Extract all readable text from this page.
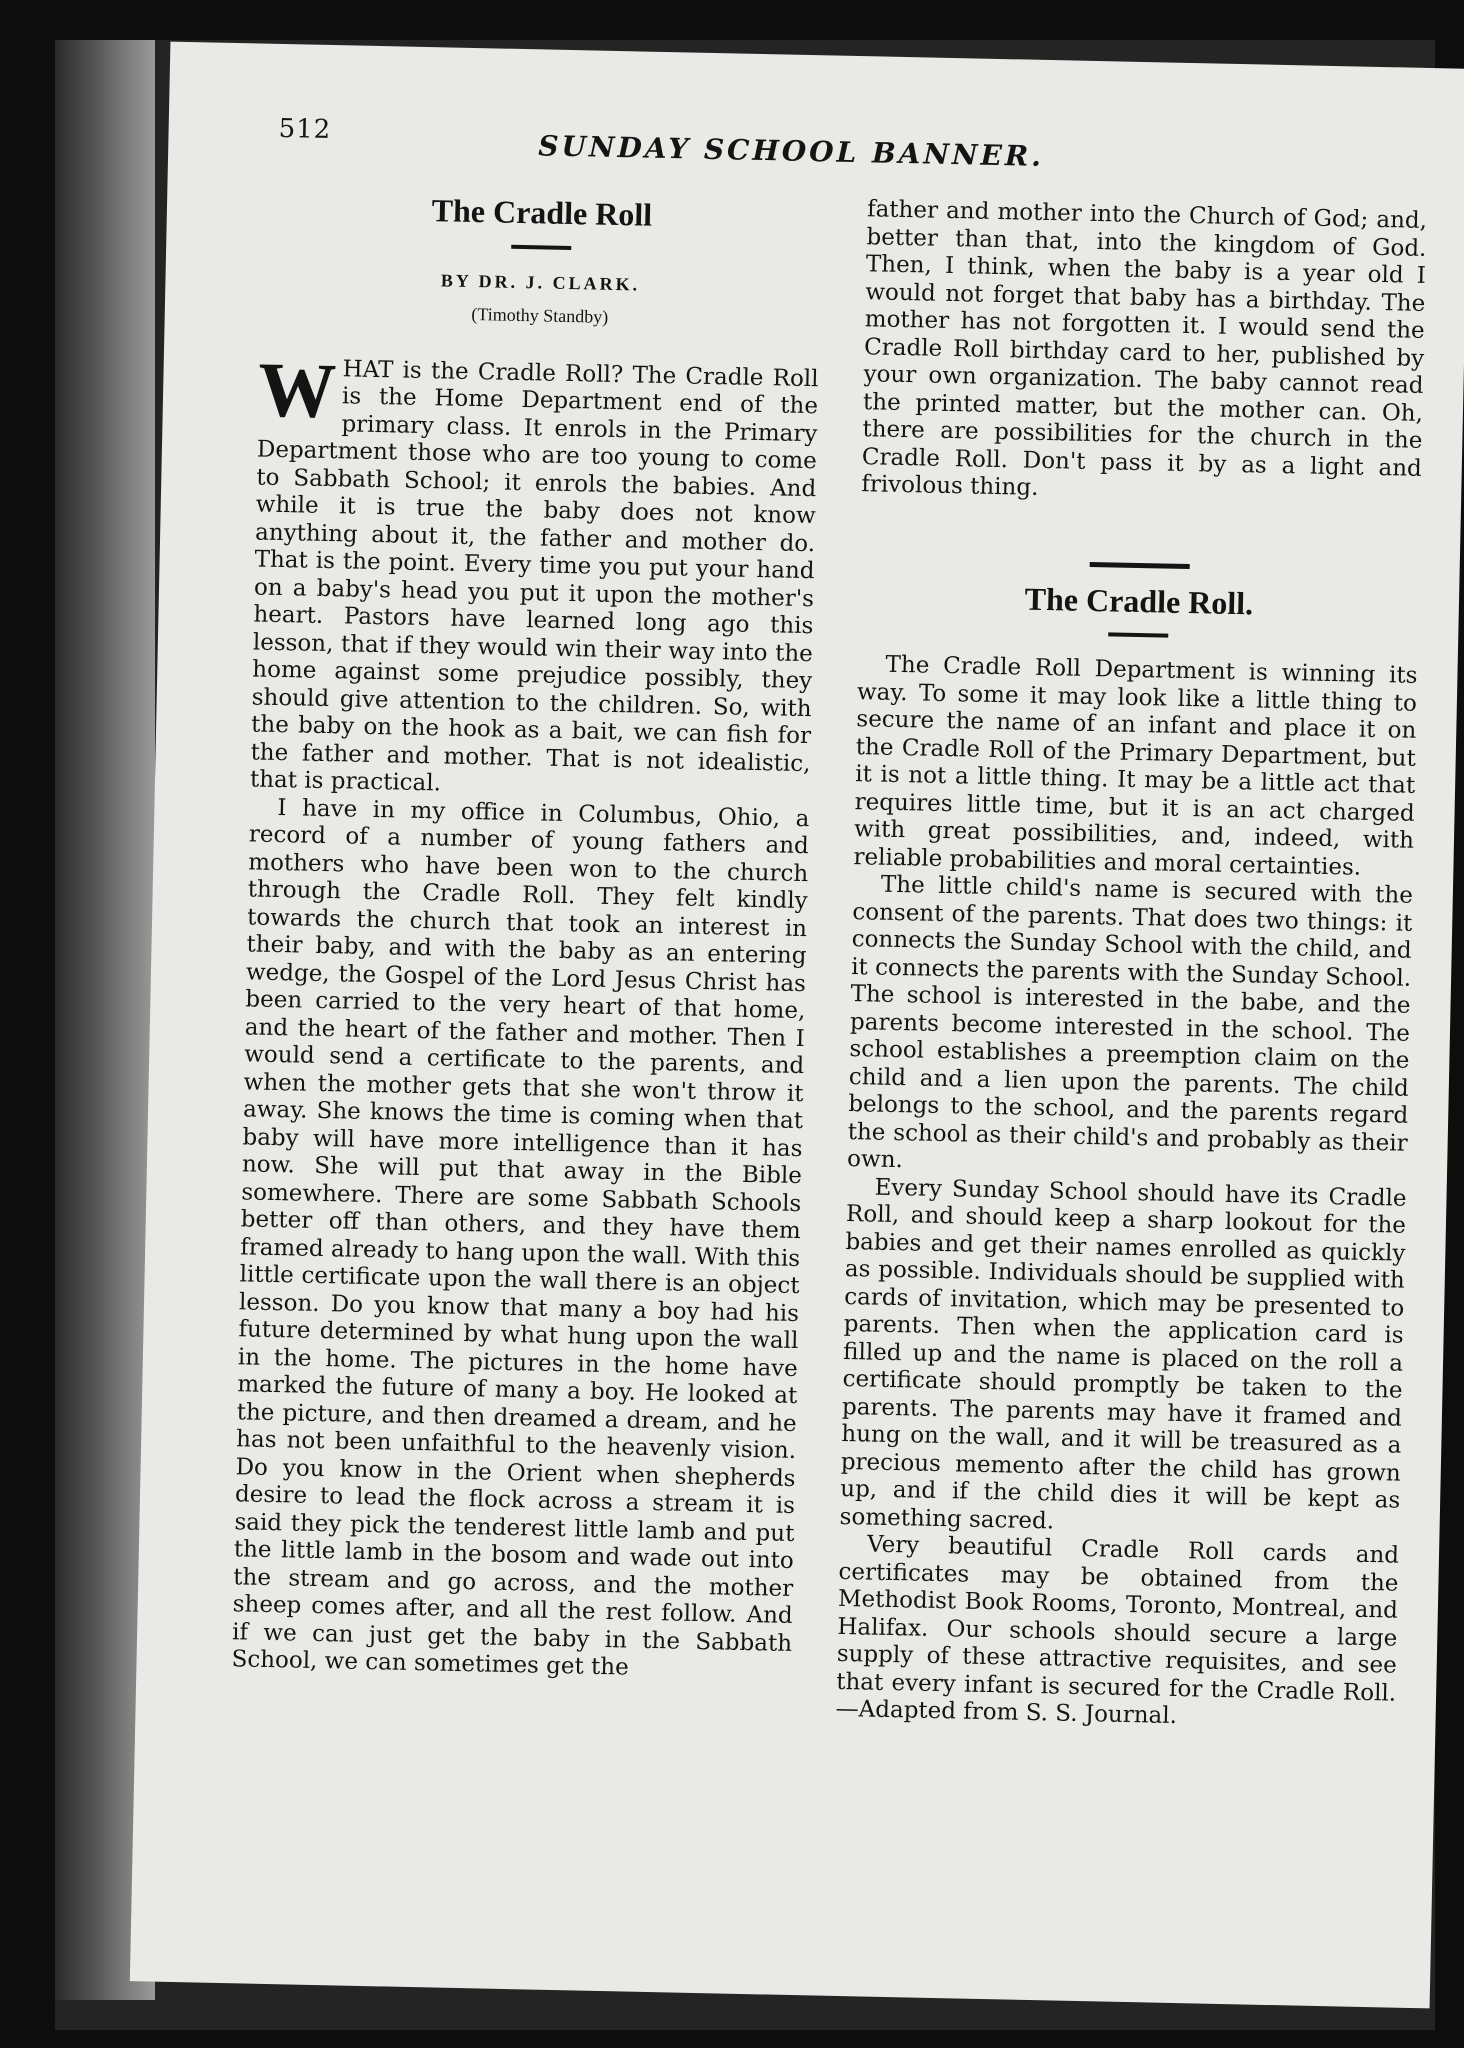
512	SUNDAY SCHOOL BANNER.
The Cradle Roll
BY DR. J. CLARK.
(Timothy Standby)

WHAT is the Cradle Roll? The Cradle Roll is the Home Department end of the primary class. It enrols in the Primary Department those who are too young to come to Sabbath School; it enrols the babies. And while it is true the baby does not know anything about it, the father and mother do. That is the point. Every time you put your hand on a baby's head you put it upon the mother's heart. Pastors have learned long ago this lesson, that if they would win their way into the home against some prejudice possibly, they should give attention to the children. So, with the baby on the hook as a bait, we can fish for the father and mother. That is not idealistic, that is practical.

I have in my office in Columbus, Ohio, a record of a number of young fathers and mothers who have been won to the church through the Cradle Roll. They felt kindly towards the church that took an interest in their baby, and with the baby as an entering wedge, the Gospel of the Lord Jesus Christ has been carried to the very heart of that home, and the heart of the father and mother. Then I would send a certificate to the parents, and when the mother gets that she won't throw it away. She knows the time is coming when that baby will have more intelligence than it has now. She will put that away in the Bible somewhere. There are some Sabbath Schools better off than others, and they have them framed already to hang upon the wall. With this little certificate upon the wall there is an object lesson. Do you know that many a boy had his future determined by what hung upon the wall in the home. The pictures in the home have marked the future of many a boy. He looked at the picture, and then dreamed a dream, and he has not been unfaithful to the heavenly vision. Do you know in the Orient when shepherds desire to lead the flock across a stream it is said they pick the tenderest little lamb and put the little lamb in the bosom and wade out into the stream and go across, and the mother sheep comes after, and all the rest follow. And if we can just get the baby in the Sabbath School, we can sometimes get the

father and mother into the Church of God; and, better than that, into the kingdom of God. Then, I think, when the baby is a year old I would not forget that baby has a birthday. The mother has not forgotten it. I would send the Cradle Roll birthday card to her, published by your own organization. The baby cannot read the printed matter, but the mother can. Oh, there are possibilities for the church in the Cradle Roll. Don't pass it by as a light and frivolous thing.

The Cradle Roll.

The Cradle Roll Department is winning its way. To some it may look like a little thing to secure the name of an infant and place it on the Cradle Roll of the Primary Department, but it is not a little thing. It may be a little act that requires little time, but it is an act charged with great possibilities, and, indeed, with reliable probabilities and moral certainties.

The little child's name is secured with the consent of the parents. That does two things: it connects the Sunday School with the child, and it connects the parents with the Sunday School. The school is interested in the babe, and the parents become interested in the school. The school establishes a preemption claim on the child and a lien upon the parents. The child belongs to the school, and the parents regard the school as their child's and probably as their own.

Every Sunday School should have its Cradle Roll, and should keep a sharp lookout for the babies and get their names enrolled as quickly as possible. Individuals should be supplied with cards of invitation, which may be presented to parents. Then when the application card is filled up and the name is placed on the roll a certificate should promptly be taken to the parents. The parents may have it framed and hung on the wall, and it will be treasured as a precious memento after the child has grown up, and if the child dies it will be kept as something sacred.

Very beautiful Cradle Roll cards and certificates may be obtained from the Methodist Book Rooms, Toronto, Montreal, and Halifax. Our schools should secure a large supply of these attractive requisites, and see that every infant is secured for the Cradle Roll.—Adapted from S. S. Journal.
